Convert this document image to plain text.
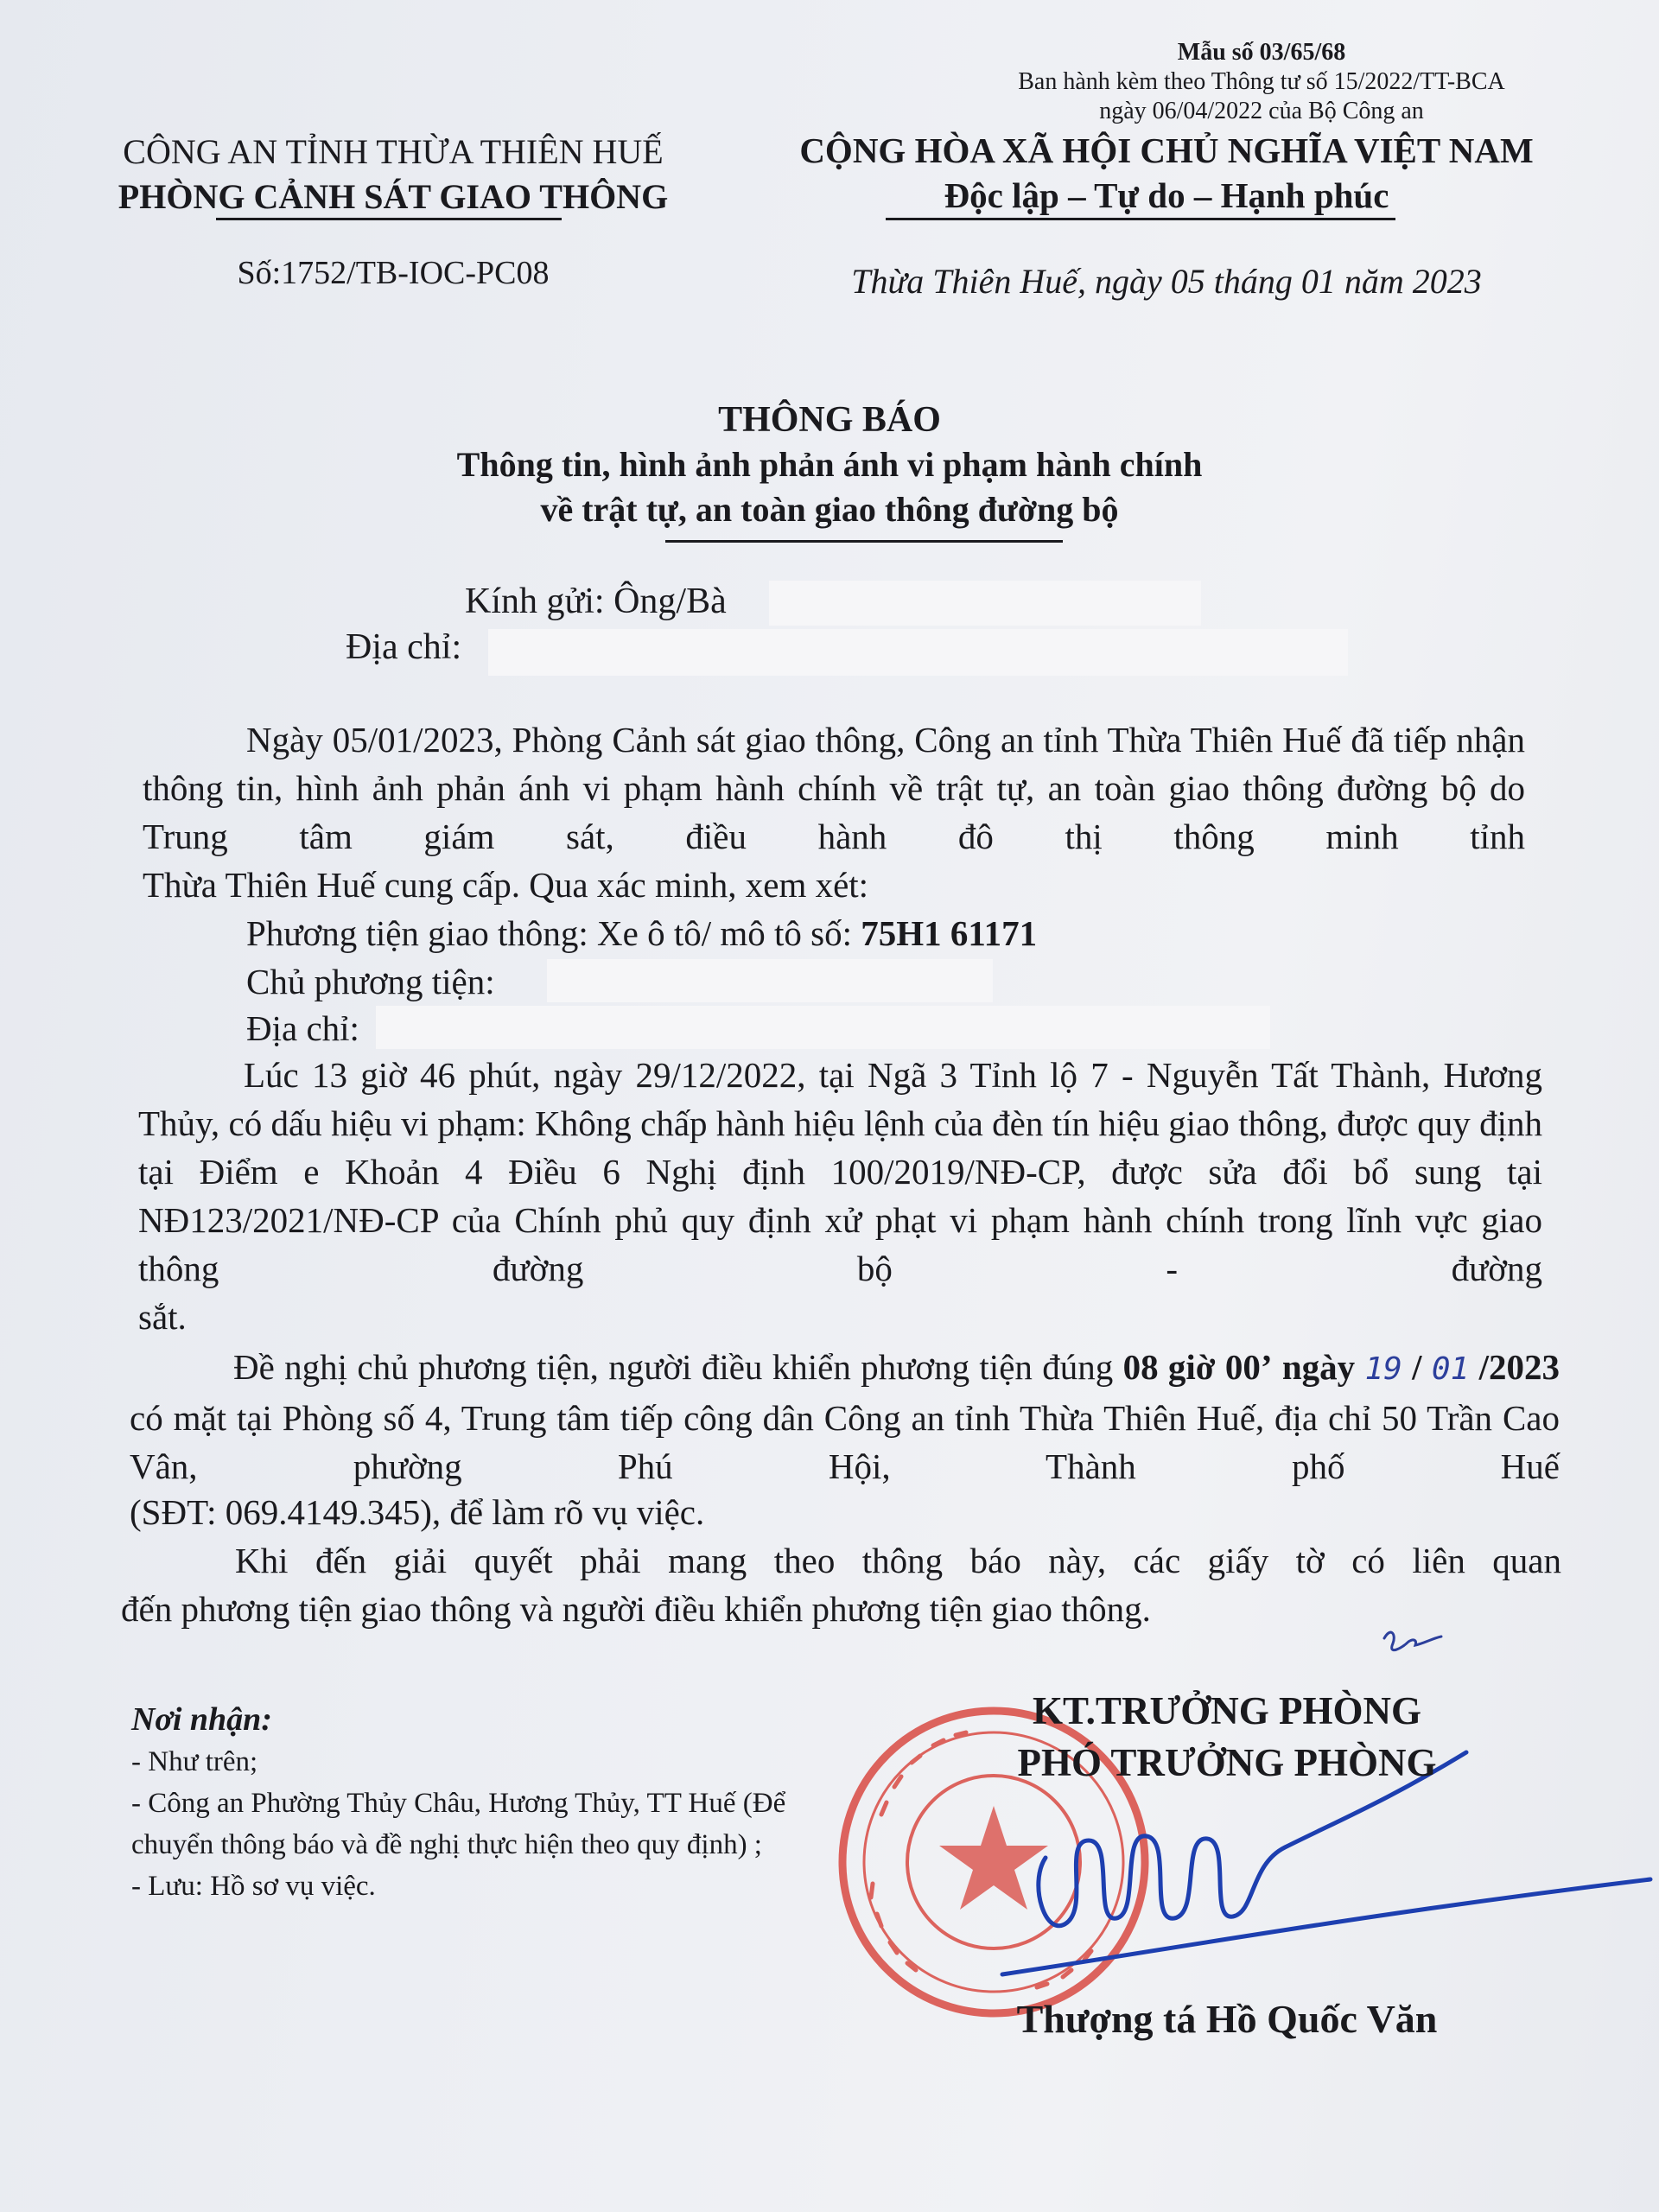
Mẫu số 03/65/68
Ban hành kèm theo Thông tư số 15/2022/TT-BCA
ngày 06/04/2022 của Bộ Công an
CÔNG AN TỈNH THỪA THIÊN HUẾ
PHÒNG CẢNH SÁT GIAO THÔNG
Số:1752/TB-IOC-PC08
CỘNG HÒA XÃ HỘI CHỦ NGHĨA VIỆT NAM
Độc lập – Tự do – Hạnh phúc
Thừa Thiên Huế, ngày 05 tháng 01 năm 2023
THÔNG BÁO
Thông tin, hình ảnh phản ánh vi phạm hành chính
về trật tự, an toàn giao thông đường bộ
Kính gửi: Ông/Bà
Địa chỉ:
Ngày 05/01/2023, Phòng Cảnh sát giao thông, Công an tỉnh Thừa Thiên Huế đã tiếp nhận thông tin, hình ảnh phản ánh vi phạm hành chính về trật tự, an toàn giao thông đường bộ do Trung tâm giám sát, điều hành đô thị thông minh tỉnh
Thừa Thiên Huế cung cấp. Qua xác minh, xem xét:
Phương tiện giao thông: Xe ô tô/ mô tô số: 75H1 61171
Chủ phương tiện:
Địa chỉ:
Lúc 13 giờ 46 phút, ngày 29/12/2022, tại Ngã 3 Tỉnh lộ 7 - Nguyễn Tất Thành, Hương Thủy, có dấu hiệu vi phạm: Không chấp hành hiệu lệnh của đèn tín hiệu giao thông, được quy định tại Điểm e Khoản 4 Điều 6 Nghị định 100/2019/NĐ-CP, được sửa đổi bổ sung tại NĐ123/2021/NĐ-CP của Chính phủ quy định xử phạt vi phạm hành chính trong lĩnh vực giao thông đường bộ - đường
sắt.
Đề nghị chủ phương tiện, người điều khiển phương tiện đúng 08 giờ 00’ ngày 19 / 01 /2023 có mặt tại Phòng số 4, Trung tâm tiếp công dân Công an tỉnh Thừa Thiên Huế, địa chỉ 50 Trần Cao Vân, phường Phú Hội, Thành phố Huế
(SĐT: 069.4149.345), để làm rõ vụ việc.
Khi đến giải quyết phải mang theo thông báo này, các giấy tờ có liên quan
đến phương tiện giao thông và người điều khiển phương tiện giao thông.
Nơi nhận:
- Như trên;
- Công an Phường Thủy Châu, Hương Thủy, TT Huế (Để chuyển thông báo và đề nghị thực hiện theo quy định) ;
- Lưu: Hồ sơ vụ việc.
KT.TRƯỞNG PHÒNG
PHÓ TRƯỞNG PHÒNG
Thượng tá Hồ Quốc Văn
